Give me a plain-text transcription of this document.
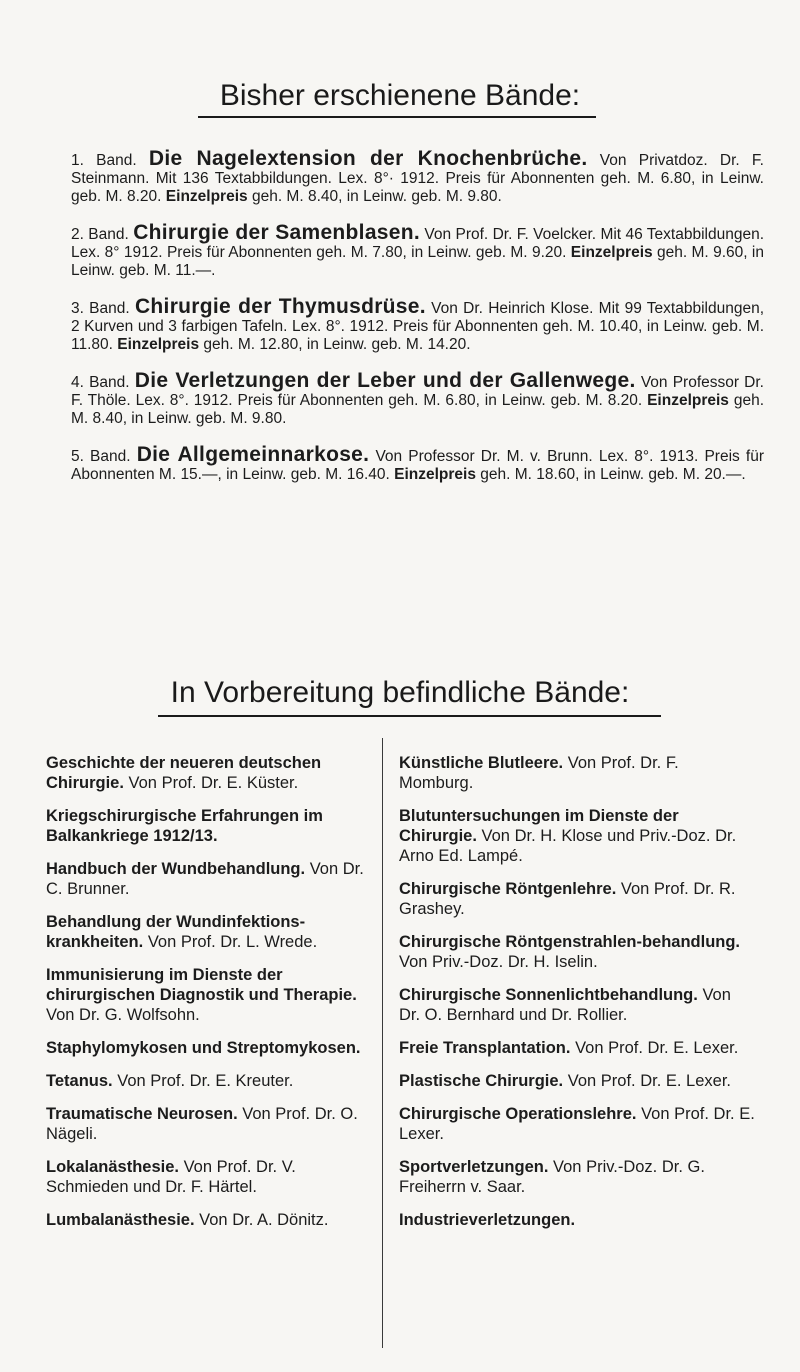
Bisher erschienene Bände:

1. Band. Die Nagelextension der Knochenbrüche. Von Privatdoz. Dr. F. Steinmann. Mit 136 Textabbildungen. Lex. 8°· 1912. Preis für Abonnenten geh. M. 6.80, in Leinw. geb. M. 8.20. Einzelpreis geh. M. 8.40, in Leinw. geb. M. 9.80.

2. Band. Chirurgie der Samenblasen. Von Prof. Dr. F. Voelcker. Mit 46 Textabbildungen. Lex. 8° 1912. Preis für Abonnenten geh. M. 7.80, in Leinw. geb. M. 9.20. Einzelpreis geh. M. 9.60, in Leinw. geb. M. 11.—.

3. Band. Chirurgie der Thymusdrüse. Von Dr. Heinrich Klose. Mit 99 Textabbildungen, 2 Kurven und 3 farbigen Tafeln. Lex. 8°. 1912. Preis für Abonnenten geh. M. 10.40, in Leinw. geb. M. 11.80. Einzelpreis geh. M. 12.80, in Leinw. geb. M. 14.20.

4. Band. Die Verletzungen der Leber und der Gallenwege. Von Professor Dr. F. Thöle. Lex. 8°. 1912. Preis für Abonnenten geh. M. 6.80, in Leinw. geb. M. 8.20. Einzelpreis geh. M. 8.40, in Leinw. geb. M. 9.80.

5. Band. Die Allgemeinnarkose. Von Professor Dr. M. v. Brunn. Lex. 8°. 1913. Preis für Abonnenten M. 15.—, in Leinw. geb. M. 16.40. Einzelpreis geh. M. 18.60, in Leinw. geb. M. 20.—.

In Vorbereitung befindliche Bände:
Geschichte der neueren deutschen Chirurgie. Von Prof. Dr. E. Küster.
Kriegschirurgische Erfahrungen im Balkankriege 1912/13.
Handbuch der Wundbehandlung. Von Dr. C. Brunner.
Behandlung der Wundinfektions-krankheiten. Von Prof. Dr. L. Wrede.
Immunisierung im Dienste der chirurgischen Diagnostik und Therapie. Von Dr. G. Wolfsohn.
Staphylomykosen und Streptomykosen.
Tetanus. Von Prof. Dr. E. Kreuter.
Traumatische Neurosen. Von Prof. Dr. O. Nägeli.
Lokalanästhesie. Von Prof. Dr. V. Schmieden und Dr. F. Härtel.
Lumbalanästhesie. Von Dr. A. Dönitz.
Künstliche Blutleere. Von Prof. Dr. F. Momburg.
Blutuntersuchungen im Dienste der Chirurgie. Von Dr. H. Klose und Priv.-Doz. Dr. Arno Ed. Lampé.
Chirurgische Röntgenlehre. Von Prof. Dr. R. Grashey.
Chirurgische Röntgenstrahlen-behandlung. Von Priv.-Doz. Dr. H. Iselin.
Chirurgische Sonnenlichtbehandlung. Von Dr. O. Bernhard und Dr. Rollier.
Freie Transplantation. Von Prof. Dr. E. Lexer.
Plastische Chirurgie. Von Prof. Dr. E. Lexer.
Chirurgische Operationslehre. Von Prof. Dr. E. Lexer.
Sportverletzungen. Von Priv.-Doz. Dr. G. Freiherrn v. Saar.
Industrieverletzungen.
